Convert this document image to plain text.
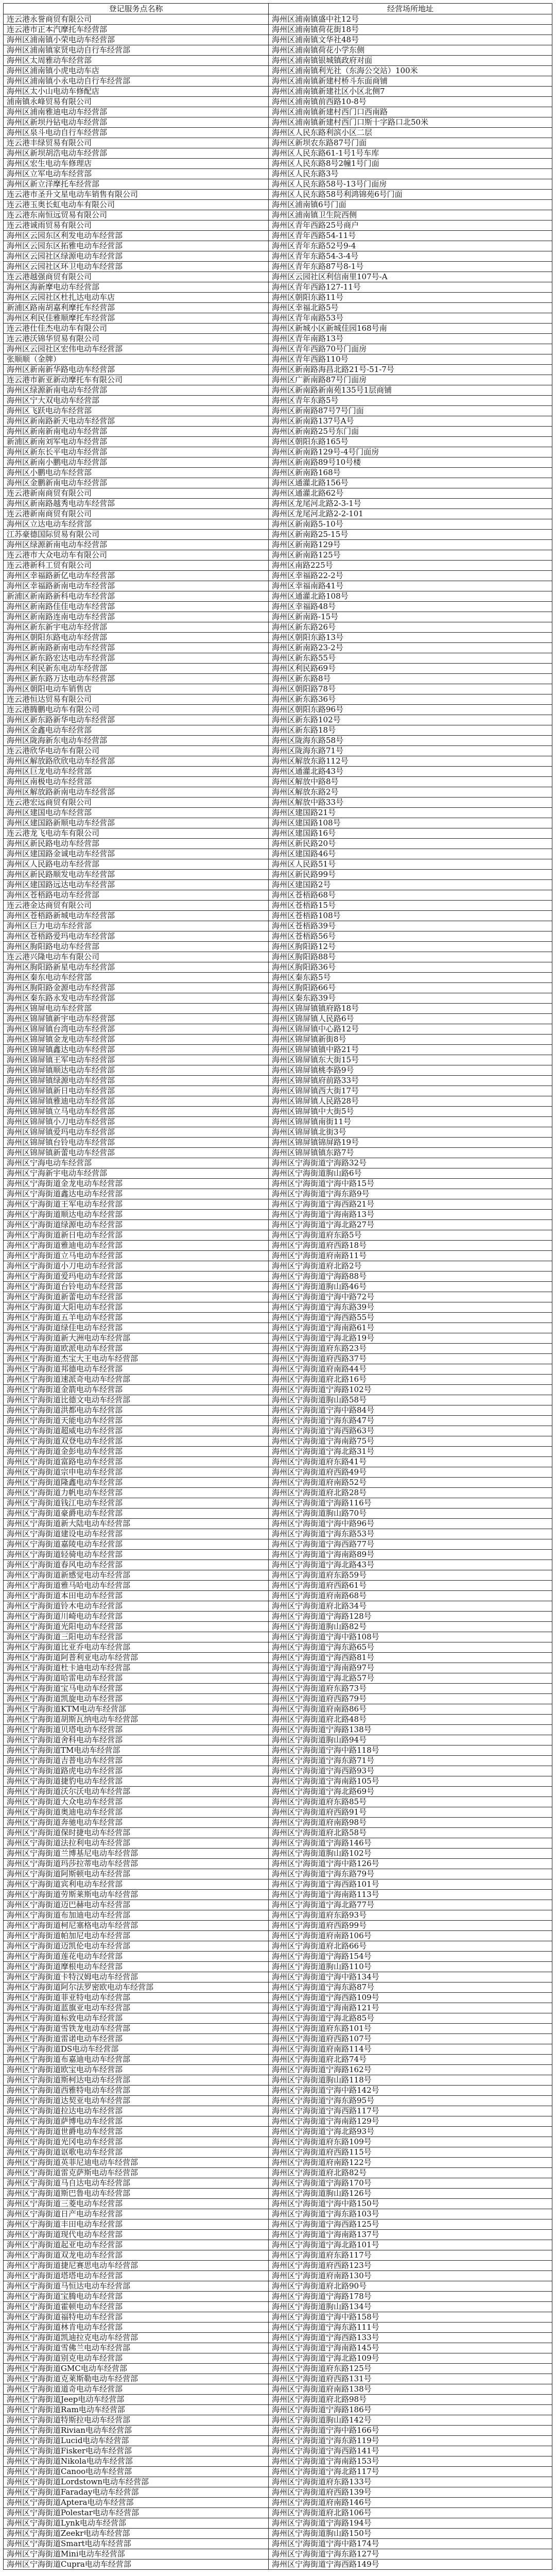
登记服务点名称	经营场所地址
连云港永誉商贸有限公司	海州区浦南镇盛中社12号
连云港市正本汽摩托车经营部	海州区浦南镇荷花街18号
海州区浦南镇小荣电动车经营部	海州区浦南镇文华社48号
海州区浦南镇家贤电动自行车经营部	海州区浦南镇荷花小学东侧
海州区太周雅动车经营部	海州区浦南镇银城镇政府对面
海州区浦南镇小虎电动车店	海州区浦南镇利光社（东海公交站）100米
海州区浦南镇小永电动自行车经营部	海州区浦南镇新建村桥斗东面商铺
海州区太小山电动车修配店	海州区浦南镇新建社区小区北侧7
浦南镇永峰贸易有限公司	海州区浦南镇前西路10-8号
海州区浦南雅迪电动车经营部	海州区浦南镇新建村西门口西南路
海州区新坝丹钻电动车经营部	海州区浦南镇新建村西门口斯十字路口北50米
海州区泉斗电动自行车经营部	海州区人民东路利滨小区二层
连云港丰绿贸易有限公司	海州区新坝农东路87号门面
海州区新坝胡浩电动车经营部	海州区人民东路61-1号1号车库
海州区宏生电动车修理店	海州区人民东路8号2幢1号门面
海州区立军电动车经营部	海州区人民东路3号
海州区新立洋摩托车经营部	海州区人民东路58号-13号门面房
连云港市圣升文星电动车销售有限公司	海州区人民东路58号利鸿锦苑6号门面
连云港玉奥长虹电动车有限公司	海州区浦南镇6号门面
连云港东南恒远贸易有限公司	海州区浦南镇卫生院西侧
连云港诚雨贸易有限公司	海州区青年西路25号商户
海州区云园东区利发电动车经营部	海州区青年西路54-11号
海州区云园东区拓雅电动车经营部	海州区青年东路52号9-4
海州区云园社区绿源电动车经营部	海州区青年东路54-3-4号
海州区云园社区环卫电动车经营部	海州区青年东路87号8-1号
连云港越强商贸有限公司	海州区云园社区利信南里107号-A
海州区海新摩电动车经营部	海州区青年西路127-11号
海州区云园社区杜扎达电动车店	海州区朝阳东路11号
新浦区路南胡嘉利摩托车经营部	海州区幸福北路5号
海州区利民佳雅顺摩托车经营部	海州区青年南路53号
连云港仕佳杰电动车有限公司	海州区新城小区新城佳园168号南
连云港沃锦华贸易有限公司	海州区青年南路13号
海州区云园社区宏伟电动车经营部	海州区青年西路70号门面房
张顺顺（金牌）	海州区青年西路110号
海州区新南新华路电动车经营部	海州区新南路海昌北路21号-51-7号
连云港市新亚新动摩托车有限公司	海州区广新南路87号门面房
海州区绿源新南电动车经营部	海州区新南路新南苑135号1层商铺
海州区宁大双电动车经营部	海州区青年东路5号
海州区飞跃电动车经营部	海州区新南路87号7号门面
海州区新南路新天电动车经营部	海州区新南路137号A号
海州区新南新南电动车经营部	海州区新南路25号东门面
新浦区新南刘军电动车经营部	海州区朝阳东路165号
海州区新东长平电动车经营部	海州区新南路129号-4号门面房
海州区新南小鹏电动车经营部	海州区新南路89号10号楼
海州区小鹏电动车经营部	海州区新南路168号
海州区金鹏新南电动车经营部	海州区通灌北路156号
连云港新南商贸有限公司	海州区通灌北路62号
海州区新南路越秀电动车经营部	海州区龙尾河北路2-3-1号
连云港新南商贸有限公司	海州区龙尾河北路2-2-101
海州区立达电动车经营部	海州区新南路5-10号
江苏豪德国际贸易有限公司	海州区新南路25-15号
海州区绿源新南电动车经营部	海州区新南路129号
连云港市大众电动车有限公司	海州区新南路125号
连云港新科工贸有限公司	海州区南路225号
海州区幸福路新亿电动车经营部	海州区幸福路22-2号
海州区幸福路新南电动车经营部	海州区幸福南路41号
新浦区新南路新科电动车经营部	海州区通灌北路108号
海州区新南路佳佳电动车经营部	海州区幸福路48号
海州区新南路连南电动车经营部	海州区新南路-15号
海州区新东新宇电动车经营部	海州区新东路26号
海州区朝阳东路电动车经营部	海州区朝阳东路13号
海州区新南路新南电动车经营部	海州区新南路23-2号
海州区新东路宏达电动车经营部	海州区新东路55号
海州区利民新东电动车经营部	海州区利民路69号
海州区新东路万达电动车经营部	海州区新东路8号
海州区朝阳电动车销售店	海州区朝阳路78号
连云港恒达贸易有限公司	海州区新东路36号
连云港腾鹏电动车有限公司	海州区朝阳东路96号
海州区新东路新华电动车经营部	海州区新东路102号
海州区金鑫电动车经营部	海州区新东路18号
海州区陇海新东电动车经营部	海州区陇海东路58号
连云港欣华电动车有限公司	海州区陇海东路71号
海州区解放路欣欣电动车经营部	海州区解放东路112号
海州区巨龙电动车经营部	海州区通灌北路43号
海州区南极电动车经营部	海州区解放中路8号
海州区解放路新南电动车经营部	海州区解放东路2号
连云港宏远商贸有限公司	海州区解放中路33号
海州区建国电动车经营部	海州区建国路21号
海州区建国路新顺电动车经营部	海州区建国路108号
连云港龙飞电动车有限公司	海州区建国路16号
海州区新民路电动车经营部	海州区新民路20号
海州区建国路金诚电动车经营部	海州区建国路46号
海州区人民路电动车经营部	海州区人民路51号
海州区新民路顺发电动车经营部	海州区新民路99号
海州区建国路远达电动车经营部	海州区建国路2号
海州区苍梧路电动车经营部	海州区苍梧路68号
连云港金达商贸有限公司	海州区苍梧路15号
海州区苍梧路新城电动车经营部	海州区苍梧路108号
海州区巨力电动车经营部	海州区苍梧路39号
海州区苍梧路爱玛电动车经营部	海州区苍梧路56号
海州区朐阳路电动车经营部	海州区朐阳路12号
连云港兴隆电动车有限公司	海州区朐阳路88号
海州区朐阳路新星电动车经营部	海州区朐阳路36号
海州区秦东电动车经营部	海州区秦东路5号
海州区朐阳路金源电动车经营部	海州区朐阳路66号
海州区秦东路永发电动车经营部	海州区秦东路39号
海州区锦屏电动车经营部	海州区锦屏镇镇府路18号
海州区锦屏镇新宇电动车经营部	海州区锦屏镇人民路6号
海州区锦屏镇台湾电动车经营部	海州区锦屏镇中心路12号
海州区锦屏镇金龙电动车经营部	海州区锦屏镇新街8号
海州区锦屏镇鑫达电动车经营部	海州区锦屏镇镇中路21号
海州区锦屏镇王军电动车经营部	海州区锦屏镇东大街15号
海州区锦屏镇顺达电动车经营部	海州区锦屏镇桃李路9号
海州区锦屏镇绿源电动车经营部	海州区锦屏镇府前路33号
海州区锦屏镇新日电动车经营部	海州区锦屏镇西大街17号
海州区锦屏镇雅迪电动车经营部	海州区锦屏镇人民路28号
海州区锦屏镇立马电动车经营部	海州区锦屏镇中大街5号
海州区锦屏镇小刀电动车经营部	海州区锦屏镇南街11号
海州区锦屏镇爱玛电动车经营部	海州区锦屏镇北街3号
海州区锦屏镇台铃电动车经营部	海州区锦屏镇锦屏路19号
海州区锦屏镇新蕾电动车经营部	海州区锦屏镇镇东路7号
海州区宁海电动车经营部	海州区宁海街道宁海路32号
海州区宁海新宇电动车经营部	海州区宁海街道朐山路6号
海州区宁海街道金龙电动车经营部	海州区宁海街道宁海中路15号
海州区宁海街道鑫达电动车经营部	海州区宁海街道宁海东路9号
海州区宁海街道王军电动车经营部	海州区宁海街道宁海西路21号
海州区宁海街道顺达电动车经营部	海州区宁海街道宁海南路13号
海州区宁海街道绿源电动车经营部	海州区宁海街道宁海北路27号
海州区宁海街道新日电动车经营部	海州区宁海街道府东路5号
海州区宁海街道雅迪电动车经营部	海州区宁海街道府西路18号
海州区宁海街道立马电动车经营部	海州区宁海街道府南路11号
海州区宁海街道小刀电动车经营部	海州区宁海街道府北路2号
海州区宁海街道爱玛电动车经营部	海州区宁海街道宁海路88号
海州区宁海街道台铃电动车经营部	海州区宁海街道朐山路46号
海州区宁海街道新蕾电动车经营部	海州区宁海街道宁海中路72号
海州区宁海街道大阳电动车经营部	海州区宁海街道宁海东路39号
海州区宁海街道五羊电动车经营部	海州区宁海街道宁海西路55号
海州区宁海街道绿佳电动车经营部	海州区宁海街道宁海南路61号
海州区宁海街道新大洲电动车经营部	海州区宁海街道宁海北路19号
海州区宁海街道欧派电动车经营部	海州区宁海街道府东路23号
海州区宁海街道杰宝大王电动车经营部	海州区宁海街道府西路37号
海州区宁海街道邦德电动车经营部	海州区宁海街道府南路44号
海州区宁海街道速派奇电动车经营部	海州区宁海街道府北路16号
海州区宁海街道金箭电动车经营部	海州区宁海街道宁海路102号
海州区宁海街道比德文电动车经营部	海州区宁海街道朐山路58号
海州区宁海街道洪都电动车经营部	海州区宁海街道宁海中路84号
海州区宁海街道天能电动车经营部	海州区宁海街道宁海东路47号
海州区宁海街道超威电动车经营部	海州区宁海街道宁海西路63号
海州区宁海街道双登电动车经营部	海州区宁海街道宁海南路75号
海州区宁海街道金彭电动车经营部	海州区宁海街道宁海北路31号
海州区宁海街道富路电动车经营部	海州区宁海街道府东路41号
海州区宁海街道宗申电动车经营部	海州区宁海街道府西路49号
海州区宁海街道隆鑫电动车经营部	海州区宁海街道府南路52号
海州区宁海街道力帆电动车经营部	海州区宁海街道府北路28号
海州区宁海街道钱江电动车经营部	海州区宁海街道宁海路116号
海州区宁海街道豪爵电动车经营部	海州区宁海街道朐山路70号
海州区宁海街道新大陆电动车经营部	海州区宁海街道宁海中路96号
海州区宁海街道建设电动车经营部	海州区宁海街道宁海东路53号
海州区宁海街道嘉陵电动车经营部	海州区宁海街道宁海西路77号
海州区宁海街道轻骑电动车经营部	海州区宁海街道宁海南路89号
海州区宁海街道春风电动车经营部	海州区宁海街道宁海北路43号
海州区宁海街道新感觉电动车经营部	海州区宁海街道府东路59号
海州区宁海街道雅马哈电动车经营部	海州区宁海街道府西路61号
海州区宁海街道本田电动车经营部	海州区宁海街道府南路68号
海州区宁海街道铃木电动车经营部	海州区宁海街道府北路34号
海州区宁海街道川崎电动车经营部	海州区宁海街道宁海路128号
海州区宁海街道光阳电动车经营部	海州区宁海街道朐山路82号
海州区宁海街道三阳电动车经营部	海州区宁海街道宁海中路108号
海州区宁海街道比亚乔电动车经营部	海州区宁海街道宁海东路65号
海州区宁海街道阿普利亚电动车经营部	海州区宁海街道宁海西路81号
海州区宁海街道杜卡迪电动车经营部	海州区宁海街道宁海南路97号
海州区宁海街道哈雷电动车经营部	海州区宁海街道宁海北路57号
海州区宁海街道宝马电动车经营部	海州区宁海街道府东路73号
海州区宁海街道凯旋电动车经营部	海州区宁海街道府西路79号
海州区宁海街道KTM电动车经营部	海州区宁海街道府南路86号
海州区宁海街道胡斯瓦纳电动车经营部	海州区宁海街道府北路48号
海州区宁海街道贝塔电动车经营部	海州区宁海街道宁海路138号
海州区宁海街道舍科电动车经营部	海州区宁海街道朐山路94号
海州区宁海街道TM电动车经营部	海州区宁海街道宁海中路118号
海州区宁海街道吉普电动车经营部	海州区宁海街道宁海东路71号
海州区宁海街道路虎电动车经营部	海州区宁海街道宁海西路93号
海州区宁海街道捷豹电动车经营部	海州区宁海街道宁海南路105号
海州区宁海街道沃尔沃电动车经营部	海州区宁海街道宁海北路69号
海州区宁海街道大众电动车经营部	海州区宁海街道府东路85号
海州区宁海街道奥迪电动车经营部	海州区宁海街道府西路91号
海州区宁海街道奔驰电动车经营部	海州区宁海街道府南路98号
海州区宁海街道保时捷电动车经营部	海州区宁海街道府北路58号
海州区宁海街道法拉利电动车经营部	海州区宁海街道宁海路146号
海州区宁海街道兰博基尼电动车经营部	海州区宁海街道朐山路102号
海州区宁海街道玛莎拉蒂电动车经营部	海州区宁海街道宁海中路126号
海州区宁海街道阿斯顿电动车经营部	海州区宁海街道宁海东路79号
海州区宁海街道宾利电动车经营部	海州区宁海街道宁海西路101号
海州区宁海街道劳斯莱斯电动车经营部	海州区宁海街道宁海南路113号
海州区宁海街道迈巴赫电动车经营部	海州区宁海街道宁海北路77号
海州区宁海街道布加迪电动车经营部	海州区宁海街道府东路93号
海州区宁海街道柯尼塞格电动车经营部	海州区宁海街道府西路99号
海州区宁海街道帕加尼电动车经营部	海州区宁海街道府南路106号
海州区宁海街道迈凯伦电动车经营部	海州区宁海街道府北路66号
海州区宁海街道莲花电动车经营部	海州区宁海街道宁海路154号
海州区宁海街道摩根电动车经营部	海州区宁海街道朐山路110号
海州区宁海街道卡特汉姆电动车经营部	海州区宁海街道宁海中路134号
海州区宁海街道阿尔法罗密欧电动车经营部	海州区宁海街道宁海东路87号
海州区宁海街道菲亚特电动车经营部	海州区宁海街道宁海西路109号
海州区宁海街道蓝旗亚电动车经营部	海州区宁海街道宁海南路121号
海州区宁海街道标致电动车经营部	海州区宁海街道宁海北路85号
海州区宁海街道雪铁龙电动车经营部	海州区宁海街道府东路101号
海州区宁海街道雷诺电动车经营部	海州区宁海街道府西路107号
海州区宁海街道DS电动车经营部	海州区宁海街道府南路114号
海州区宁海街道布嘉迪电动车经营部	海州区宁海街道府北路74号
海州区宁海街道欧宝电动车经营部	海州区宁海街道宁海路162号
海州区宁海街道斯柯达电动车经营部	海州区宁海街道朐山路118号
海州区宁海街道西雅特电动车经营部	海州区宁海街道宁海中路142号
海州区宁海街道达契亚电动车经营部	海州区宁海街道宁海东路95号
海州区宁海街道拉达电动车经营部	海州区宁海街道宁海西路117号
海州区宁海街道萨博电动车经营部	海州区宁海街道宁海南路129号
海州区宁海街道世爵电动车经营部	海州区宁海街道宁海北路93号
海州区宁海街道光冈电动车经营部	海州区宁海街道府东路109号
海州区宁海街道讴歌电动车经营部	海州区宁海街道府西路115号
海州区宁海街道英菲尼迪电动车经营部	海州区宁海街道府南路122号
海州区宁海街道雷克萨斯电动车经营部	海州区宁海街道府北路82号
海州区宁海街道马自达电动车经营部	海州区宁海街道宁海路170号
海州区宁海街道斯巴鲁电动车经营部	海州区宁海街道朐山路126号
海州区宁海街道三菱电动车经营部	海州区宁海街道宁海中路150号
海州区宁海街道日产电动车经营部	海州区宁海街道宁海东路103号
海州区宁海街道丰田电动车经营部	海州区宁海街道宁海西路125号
海州区宁海街道现代电动车经营部	海州区宁海街道宁海南路137号
海州区宁海街道起亚电动车经营部	海州区宁海街道宁海北路101号
海州区宁海街道双龙电动车经营部	海州区宁海街道府东路117号
海州区宁海街道捷尼赛思电动车经营部	海州区宁海街道府西路123号
海州区宁海街道塔塔电动车经营部	海州区宁海街道府南路130号
海州区宁海街道马恒达电动车经营部	海州区宁海街道府北路90号
海州区宁海街道宝腾电动车经营部	海州区宁海街道宁海路178号
海州区宁海街道霍顿电动车经营部	海州区宁海街道朐山路134号
海州区宁海街道福特电动车经营部	海州区宁海街道宁海中路158号
海州区宁海街道林肯电动车经营部	海州区宁海街道宁海东路111号
海州区宁海街道凯迪拉克电动车经营部	海州区宁海街道宁海西路133号
海州区宁海街道雪佛兰电动车经营部	海州区宁海街道宁海南路145号
海州区宁海街道别克电动车经营部	海州区宁海街道宁海北路109号
海州区宁海街道GMC电动车经营部	海州区宁海街道府东路125号
海州区宁海街道克莱斯勒电动车经营部	海州区宁海街道府西路131号
海州区宁海街道道奇电动车经营部	海州区宁海街道府南路138号
海州区宁海街道Jeep电动车经营部	海州区宁海街道府北路98号
海州区宁海街道Ram电动车经营部	海州区宁海街道宁海路186号
海州区宁海街道特斯拉电动车经营部	海州区宁海街道朐山路142号
海州区宁海街道Rivian电动车经营部	海州区宁海街道宁海中路166号
海州区宁海街道Lucid电动车经营部	海州区宁海街道宁海东路119号
海州区宁海街道Fisker电动车经营部	海州区宁海街道宁海西路141号
海州区宁海街道Nikola电动车经营部	海州区宁海街道宁海南路153号
海州区宁海街道Canoo电动车经营部	海州区宁海街道宁海北路117号
海州区宁海街道Lordstown电动车经营部	海州区宁海街道府东路133号
海州区宁海街道Faraday电动车经营部	海州区宁海街道府西路139号
海州区宁海街道Aptera电动车经营部	海州区宁海街道府南路146号
海州区宁海街道Polestar电动车经营部	海州区宁海街道府北路106号
海州区宁海街道Lynk电动车经营部	海州区宁海街道宁海路194号
海州区宁海街道Zeekr电动车经营部	海州区宁海街道朐山路150号
海州区宁海街道Smart电动车经营部	海州区宁海街道宁海中路174号
海州区宁海街道Mini电动车经营部	海州区宁海街道宁海东路127号
海州区宁海街道Cupra电动车经营部	海州区宁海街道宁海西路149号
